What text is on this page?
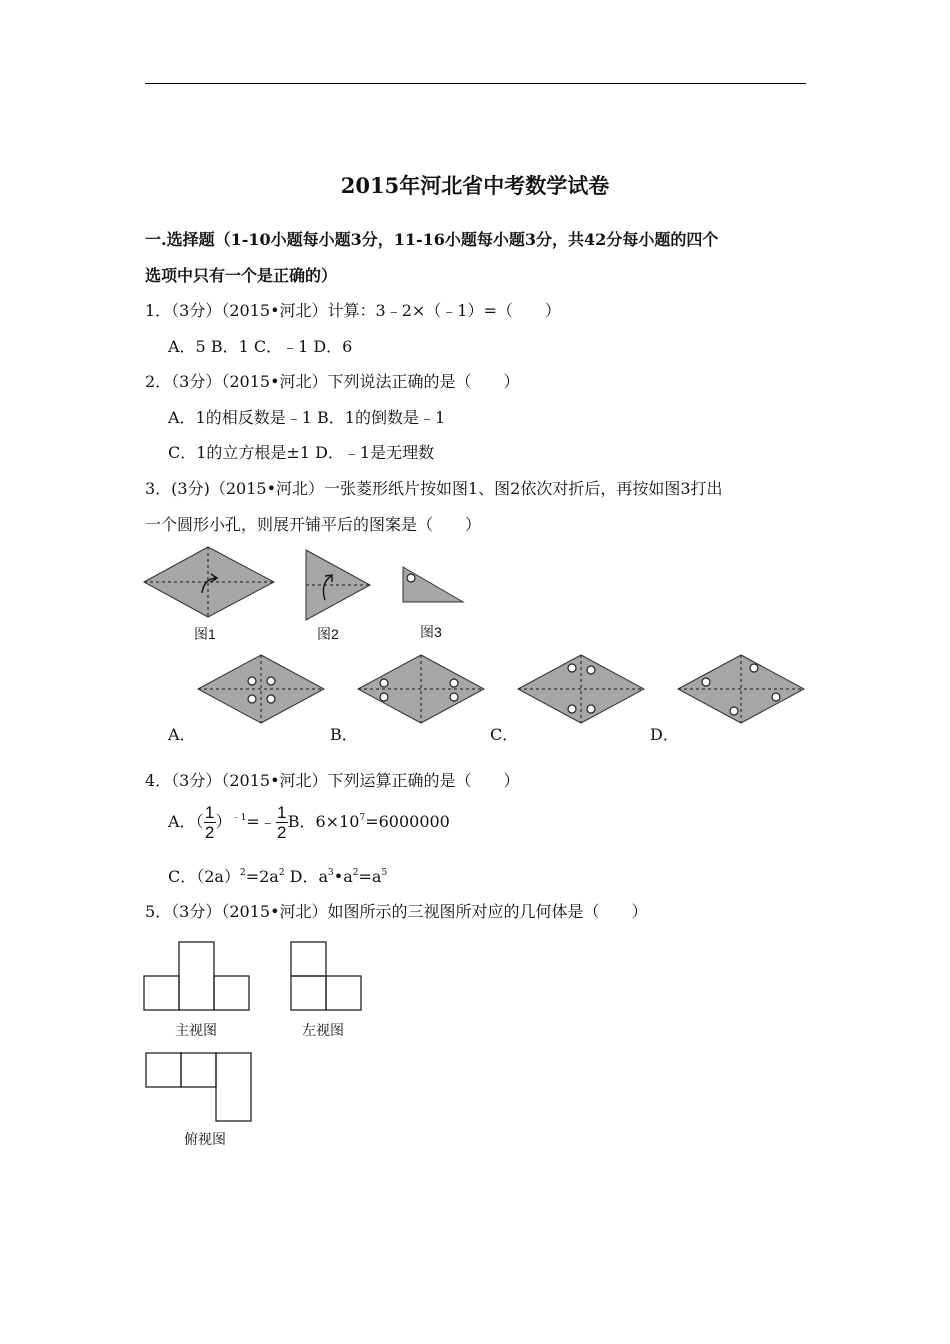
2015年河北省中考数学试卷
一.选择题（1-10小题每小题3分，11-16小题每小题3分，共42分每小题的四个
选项中只有一个是正确的）
1．（3分）（2015•河北）计算：3﹣2×（﹣1）=（　　）
A．5 B．1 C．﹣1 D．6
2．（3分）（2015•河北）下列说法正确的是（　　）
A．1的相反数是﹣1 B．1的倒数是﹣1
C．1的立方根是±1 D．﹣1是无理数
3．(3分)（2015•河北）一张菱形纸片按如图1、图2依次对折后，再按如图3打出
一个圆形小孔，则展开铺平后的图案是（　　）
图1	图2	图3
A．	B．	C．	D．
4．（3分）（2015•河北）下列运算正确的是（　　）
A．（ $\frac{1}{2}$ ）$^{﹣1}$=﹣ $\frac{1}{2}$ B．$6\times 10^7=6000000$
C．$(2a)^2=2a^2$ D．$a^3•a^2=a^5$
5．（3分）（2015•河北）如图所示的三视图所对应的几何体是（　　）
主视图	左视图
俯视图
